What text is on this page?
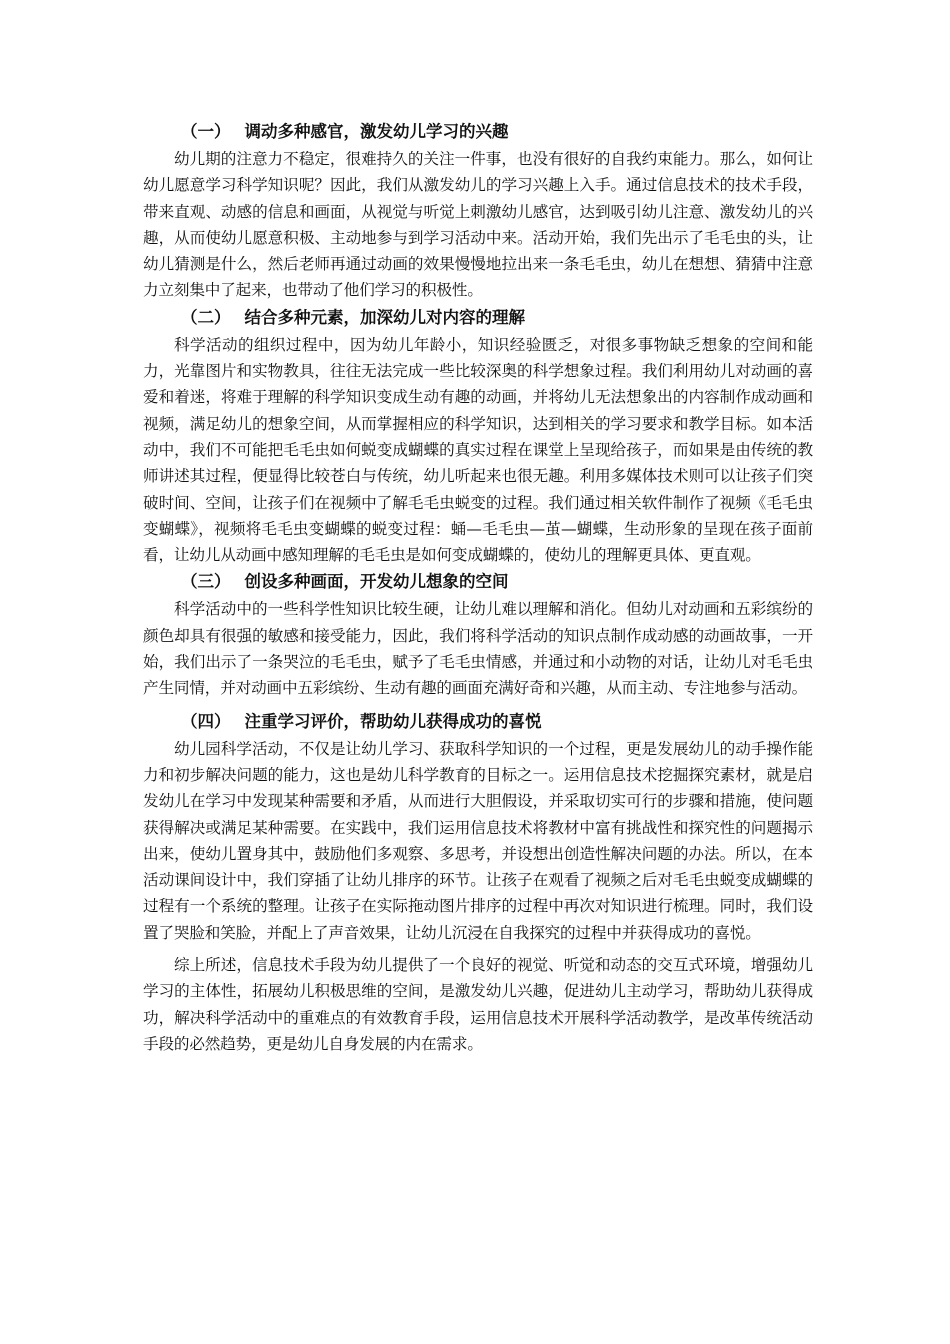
（一） 调动多种感官，激发幼儿学习的兴趣

幼儿期的注意力不稳定，很难持久的关注一件事，也没有很好的自我约束能力。那么，如何让幼儿愿意学习科学知识呢？因此，我们从激发幼儿的学习兴趣上入手。通过信息技术的技术手段，带来直观、动感的信息和画面，从视觉与听觉上刺激幼儿感官，达到吸引幼儿注意、激发幼儿的兴趣，从而使幼儿愿意积极、主动地参与到学习活动中来。活动开始，我们先出示了毛毛虫的头，让幼儿猜测是什么，然后老师再通过动画的效果慢慢地拉出来一条毛毛虫，幼儿在想想、猜猜中注意力立刻集中了起来，也带动了他们学习的积极性。

（二） 结合多种元素，加深幼儿对内容的理解

科学活动的组织过程中，因为幼儿年龄小，知识经验匮乏，对很多事物缺乏想象的空间和能力，光靠图片和实物教具，往往无法完成一些比较深奥的科学想象过程。我们利用幼儿对动画的喜爱和着迷，将难于理解的科学知识变成生动有趣的动画，并将幼儿无法想象出的内容制作成动画和视频，满足幼儿的想象空间，从而掌握相应的科学知识，达到相关的学习要求和教学目标。如本活动中，我们不可能把毛毛虫如何蜕变成蝴蝶的真实过程在课堂上呈现给孩子，而如果是由传统的教师讲述其过程，便显得比较苍白与传统，幼儿听起来也很无趣。利用多媒体技术则可以让孩子们突破时间、空间，让孩子们在视频中了解毛毛虫蜕变的过程。我们通过相关软件制作了视频《毛毛虫变蝴蝶》，视频将毛毛虫变蝴蝶的蜕变过程：蛹—毛毛虫—茧—蝴蝶，生动形象的呈现在孩子面前看，让幼儿从动画中感知理解的毛毛虫是如何变成蝴蝶的，使幼儿的理解更具体、更直观。

（三） 创设多种画面，开发幼儿想象的空间

科学活动中的一些科学性知识比较生硬，让幼儿难以理解和消化。但幼儿对动画和五彩缤纷的颜色却具有很强的敏感和接受能力，因此，我们将科学活动的知识点制作成动感的动画故事，一开始，我们出示了一条哭泣的毛毛虫，赋予了毛毛虫情感，并通过和小动物的对话，让幼儿对毛毛虫产生同情，并对动画中五彩缤纷、生动有趣的画面充满好奇和兴趣，从而主动、专注地参与活动。

（四） 注重学习评价，帮助幼儿获得成功的喜悦

幼儿园科学活动，不仅是让幼儿学习、获取科学知识的一个过程，更是发展幼儿的动手操作能力和初步解决问题的能力，这也是幼儿科学教育的目标之一。运用信息技术挖掘探究素材，就是启发幼儿在学习中发现某种需要和矛盾，从而进行大胆假设，并采取切实可行的步骤和措施，使问题获得解决或满足某种需要。在实践中，我们运用信息技术将教材中富有挑战性和探究性的问题揭示出来，使幼儿置身其中，鼓励他们多观察、多思考，并设想出创造性解决问题的办法。所以，在本活动课间设计中，我们穿插了让幼儿排序的环节。让孩子在观看了视频之后对毛毛虫蜕变成蝴蝶的过程有一个系统的整理。让孩子在实际拖动图片排序的过程中再次对知识进行梳理。同时，我们设置了哭脸和笑脸，并配上了声音效果，让幼儿沉浸在自我探究的过程中并获得成功的喜悦。

综上所述，信息技术手段为幼儿提供了一个良好的视觉、听觉和动态的交互式环境，增强幼儿学习的主体性，拓展幼儿积极思维的空间，是激发幼儿兴趣，促进幼儿主动学习，帮助幼儿获得成功，解决科学活动中的重难点的有效教育手段，运用信息技术开展科学活动教学，是改革传统活动手段的必然趋势，更是幼儿自身发展的内在需求。
